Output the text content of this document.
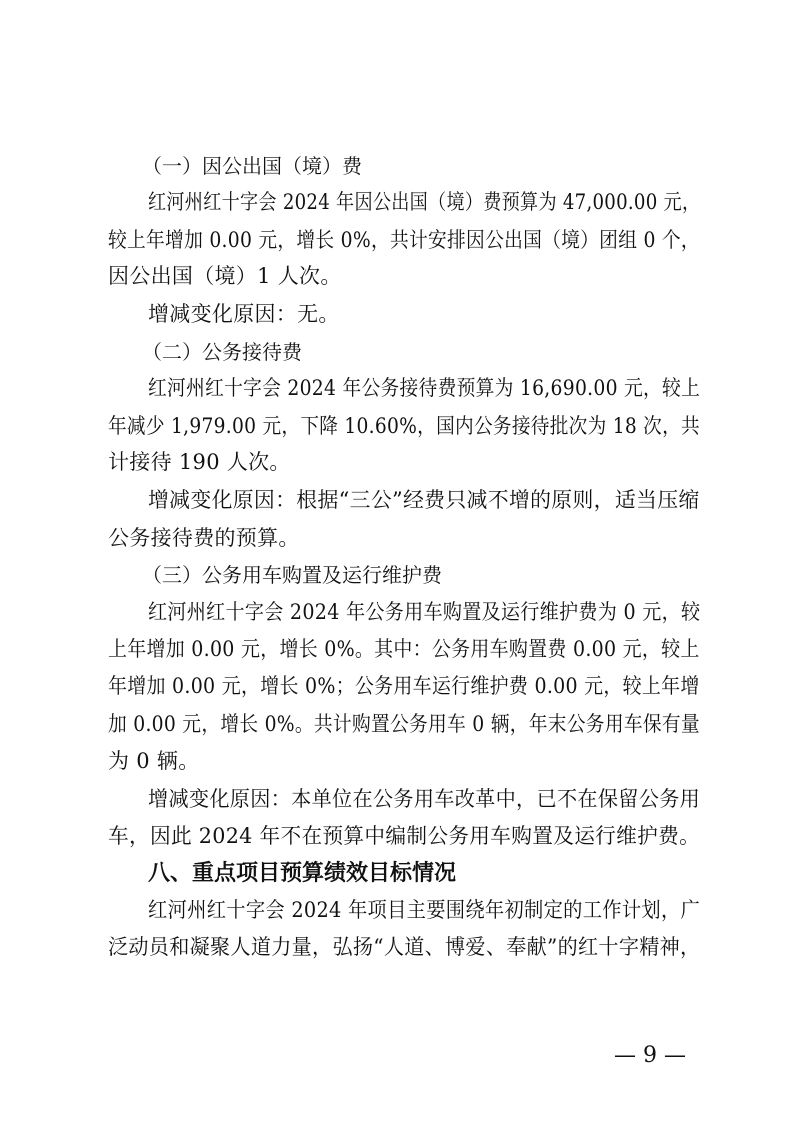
（一）因公出国（境）费
红河州红十字会 2024 年因公出国（境）费预算为 47,000.00 元，
较上年增加 0.00 元，增长 0%，共计安排因公出国（境）团组 0 个，
因公出国（境）1 人次。
增减变化原因：无。
（二）公务接待费
红河州红十字会 2024 年公务接待费预算为 16,690.00 元，较上
年减少 1,979.00 元，下降 10.60%，国内公务接待批次为 18 次，共
计接待 190 人次。
增减变化原因：根据“三公”经费只减不增的原则，适当压缩
公务接待费的预算。
（三）公务用车购置及运行维护费
红河州红十字会 2024 年公务用车购置及运行维护费为 0 元，较
上年增加 0.00 元，增长 0%。其中：公务用车购置费 0.00 元，较上
年增加 0.00 元，增长 0%；公务用车运行维护费 0.00 元，较上年增
加 0.00 元，增长 0%。共计购置公务用车 0 辆，年末公务用车保有量
为 0 辆。
增减变化原因：本单位在公务用车改革中，已不在保留公务用
车，因此 2024 年不在预算中编制公务用车购置及运行维护费。
八、重点项目预算绩效目标情况
红河州红十字会 2024 年项目主要围绕年初制定的工作计划，广
泛动员和凝聚人道力量，弘扬“人道、博爱、奉献”的红十字精神，
— 9 —
